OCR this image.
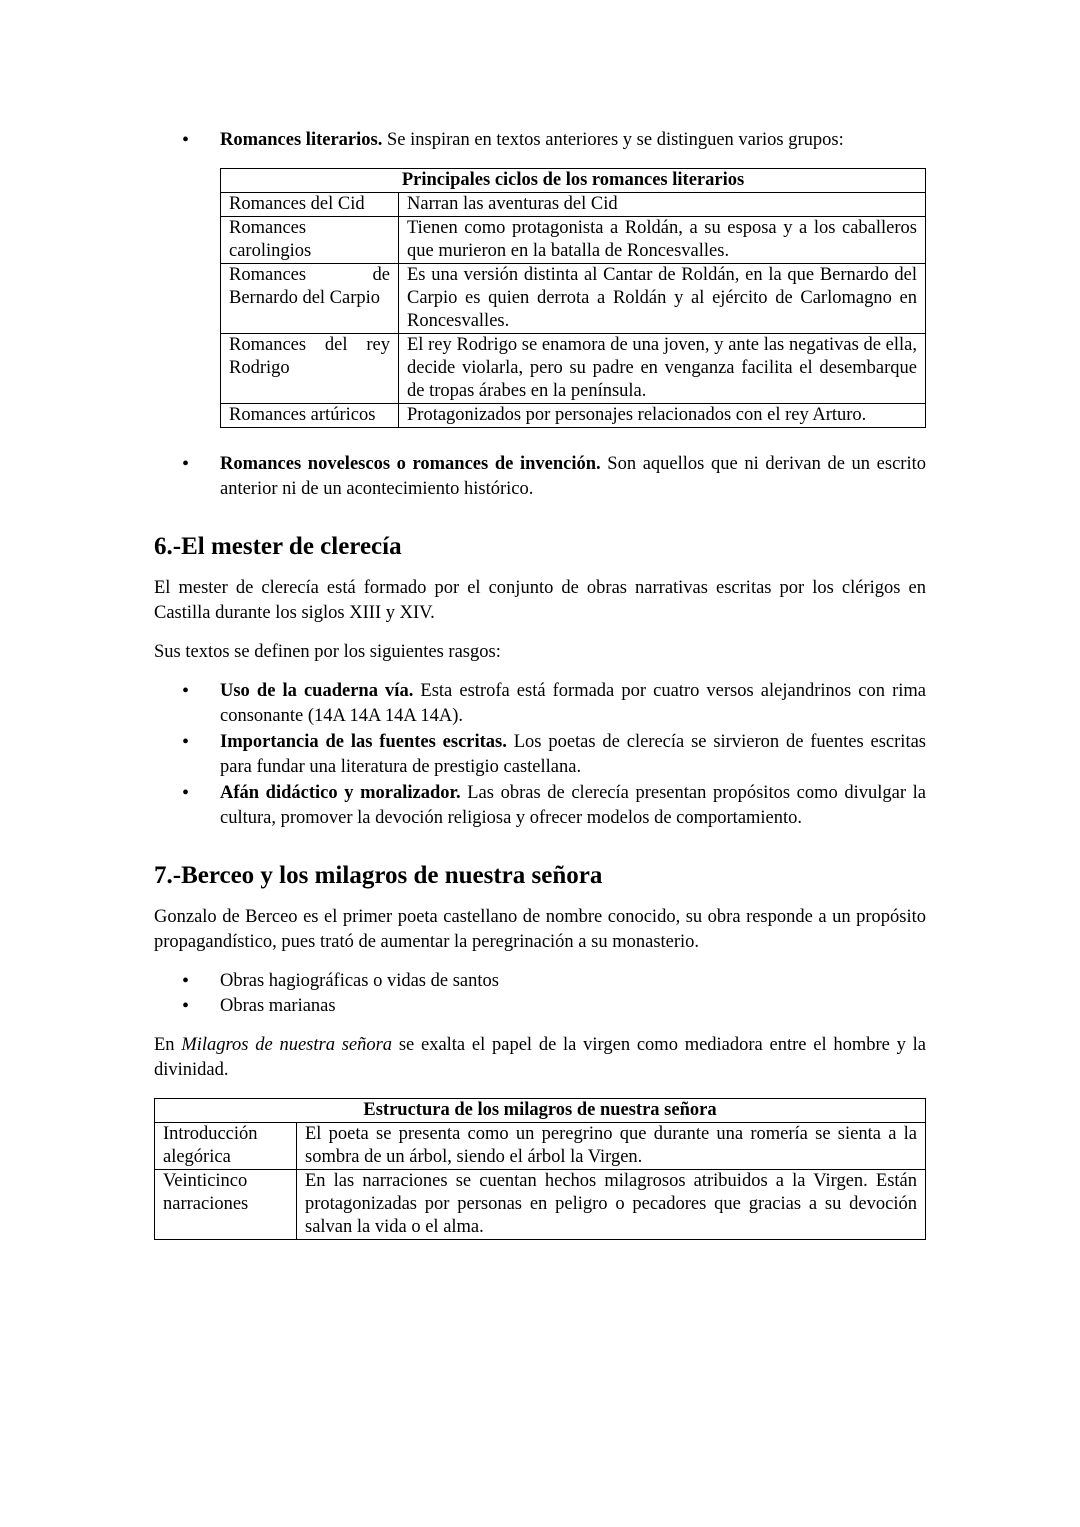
• Romances literarios. Se inspiran en textos anteriores y se distinguen varios grupos:
Principales ciclos de los romances literarios	
Romances del Cid	Narran las aventuras del Cid
Romances carolingios	Tienen como protagonista a Roldán, a su esposa y a los caballeros que murieron en la batalla de Roncesvalles.
Romances de Bernardo del Carpio	Es una versión distinta al Cantar de Roldán, en la que Bernardo del Carpio es quien derrota a Roldán y al ejército de Carlomagno en Roncesvalles.
Romances del rey Rodrigo	El rey Rodrigo se enamora de una joven, y ante las negativas de ella, decide violarla, pero su padre en venganza facilita el desembarque de tropas árabes en la península.
Romances artúricos	Protagonizados por personajes relacionados con el rey Arturo.
• Romances novelescos o romances de invención. Son aquellos que ni derivan de un escrito anterior ni de un acontecimiento histórico.
6.-El mester de clerecía

El mester de clerecía está formado por el conjunto de obras narrativas escritas por los clérigos en Castilla durante los siglos XIII y XIV.

Sus textos se definen por los siguientes rasgos:

• Uso de la cuaderna vía. Esta estrofa está formada por cuatro versos alejandrinos con rima consonante (14A 14A 14A 14A).
• Importancia de las fuentes escritas. Los poetas de clerecía se sirvieron de fuentes escritas para fundar una literatura de prestigio castellana.
• Afán didáctico y moralizador. Las obras de clerecía presentan propósitos como divulgar la cultura, promover la devoción religiosa y ofrecer modelos de comportamiento.
7.-Berceo y los milagros de nuestra señora

Gonzalo de Berceo es el primer poeta castellano de nombre conocido, su obra responde a un propósito propagandístico, pues trató de aumentar la peregrinación a su monasterio.

• Obras hagiográficas o vidas de santos
• Obras marianas

En Milagros de nuestra señora se exalta el papel de la virgen como mediadora entre el hombre y la divinidad.

Estructura de los milagros de nuestra señora	
Introducción alegórica	El poeta se presenta como un peregrino que durante una romería se sienta a la sombra de un árbol, siendo el árbol la Virgen.
Veinticinco narraciones	En las narraciones se cuentan hechos milagrosos atribuidos a la Virgen. Están protagonizadas por personas en peligro o pecadores que gracias a su devoción salvan la vida o el alma.
